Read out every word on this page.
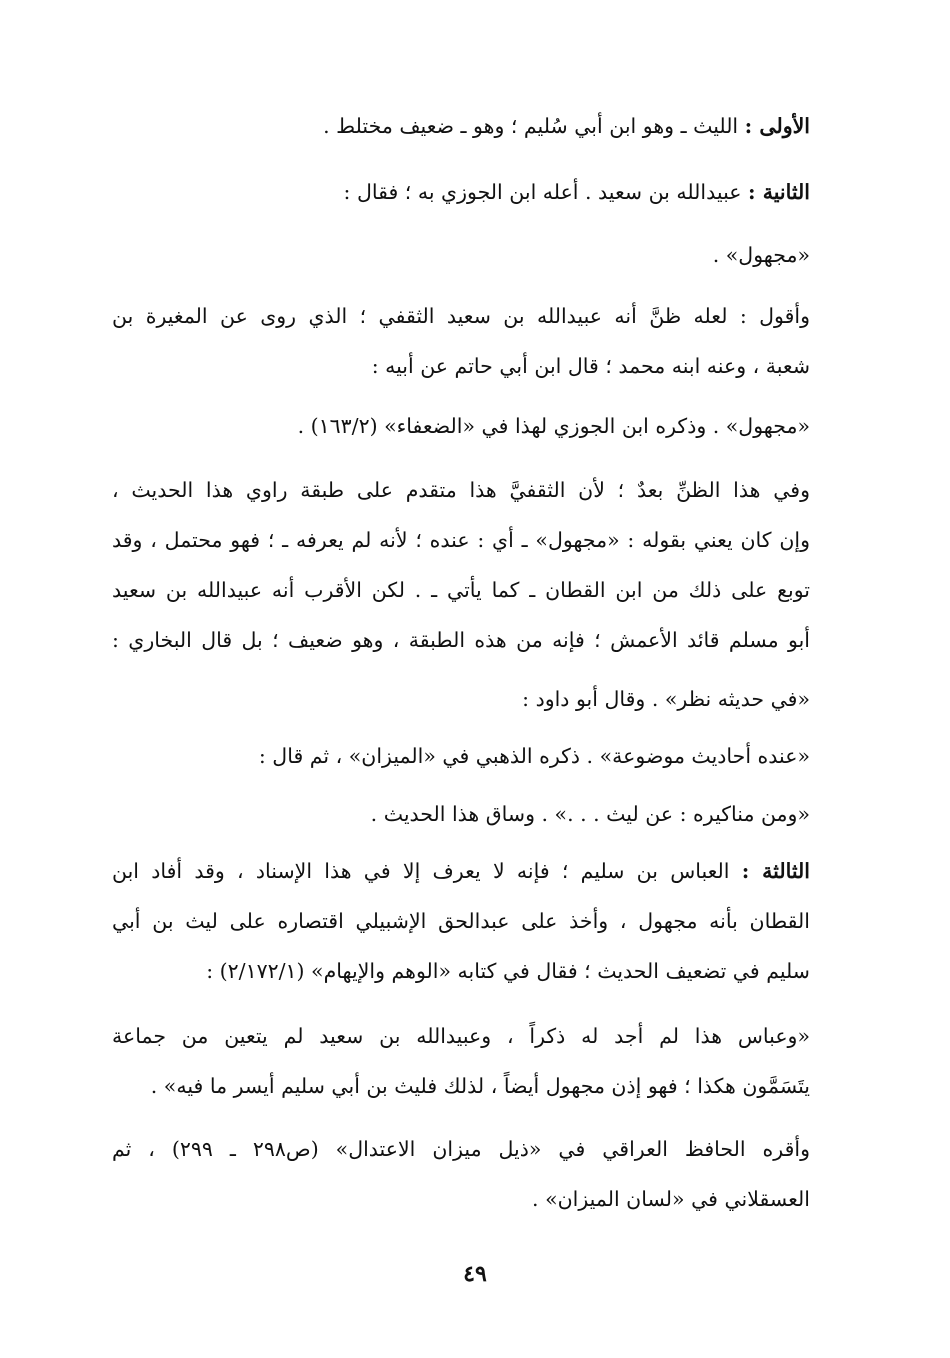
الأولى : الليث ـ وهو ابن أبي سُليم ؛ وهو ـ ضعيف مختلط .
الثانية : عبيدالله بن سعيد . أعله ابن الجوزي به ؛ فقال :
«مجهول» .
وأقول : لعله ظنَّ أنه عبيدالله بن سعيد الثقفي ؛ الذي روى عن المغيرة بن
شعبة ، وعنه ابنه محمد ؛ قال ابن أبي حاتم عن أبيه :
«مجهول» . وذكره ابن الجوزي لهذا في «الضعفاء» (١٦٣/٢) .
وفي هذا الظنِّ بعدٌ ؛ لأن الثقفيَّ هذا متقدم على طبقة راوي هذا الحديث ،
وإن كان يعني بقوله : «مجهول» ـ أي : عنده ؛ لأنه لم يعرفه ـ ؛ فهو محتمل ، وقد
توبع على ذلك من ابن القطان ـ كما يأتي ـ . لكن الأقرب أنه عبيدالله بن سعيد
أبو مسلم قائد الأعمش ؛ فإنه من هذه الطبقة ، وهو ضعيف ؛ بل قال البخاري :
«في حديثه نظر» . وقال أبو داود :
«عنده أحاديث موضوعة» . ذكره الذهبي في «الميزان» ، ثم قال :
«ومن مناكيره : عن ليث . . .» . وساق هذا الحديث .
الثالثة : العباس بن سليم ؛ فإنه لا يعرف إلا في هذا الإسناد ، وقد أفاد ابن
القطان بأنه مجهول ، وأخذ على عبدالحق الإشبيلي اقتصاره على ليث بن أبي
سليم في تضعيف الحديث ؛ فقال في كتابه «الوهم والإيهام» (٢/١٧٢/١) :
«وعباس هذا لم أجد له ذكراً ، وعبيدالله بن سعيد لم يتعين من جماعة
يتَسَمَّون هكذا ؛ فهو إذن مجهول أيضاً ، لذلك فليث بن أبي سليم أيسر ما فيه» .
وأقره الحافظ العراقي في «ذيل ميزان الاعتدال» (ص٢٩٨ ـ ٢٩٩) ، ثم
العسقلاني في «لسان الميزان» .
٤٩
